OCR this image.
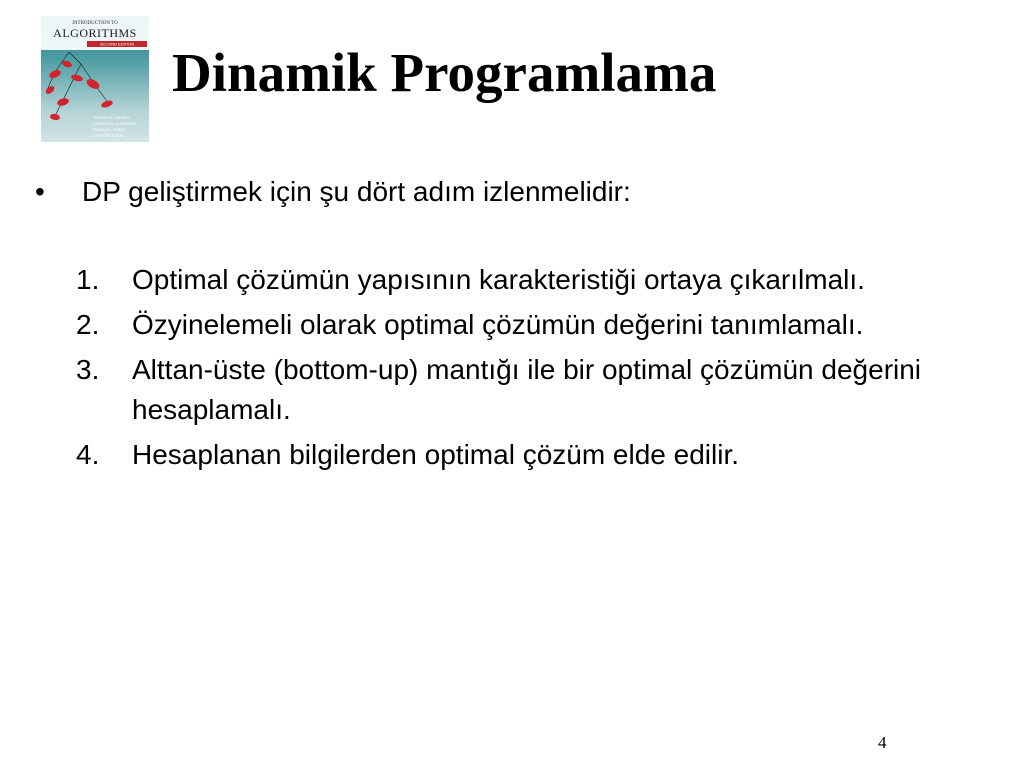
INTRODUCTION TO
ALGORITHMS
SECOND EDITION
THOMAS H. CORMEN
CHARLES E. LEISERSON
RONALD L. RIVEST
CLIFFORD STEIN
Dinamik Programlama
• DP geliştirmek için şu dört adım izlenmelidir:
1.	Optimal çözümün yapısının karakteristiği ortaya çıkarılmalı.
2.	Özyinelemeli olarak optimal çözümün değerini tanımlamalı.
3.	Alttan-üste (bottom-up) mantığı ile bir optimal çözümün değerini hesaplamalı.
4.	Hesaplanan bilgilerden optimal çözüm elde edilir.
4
